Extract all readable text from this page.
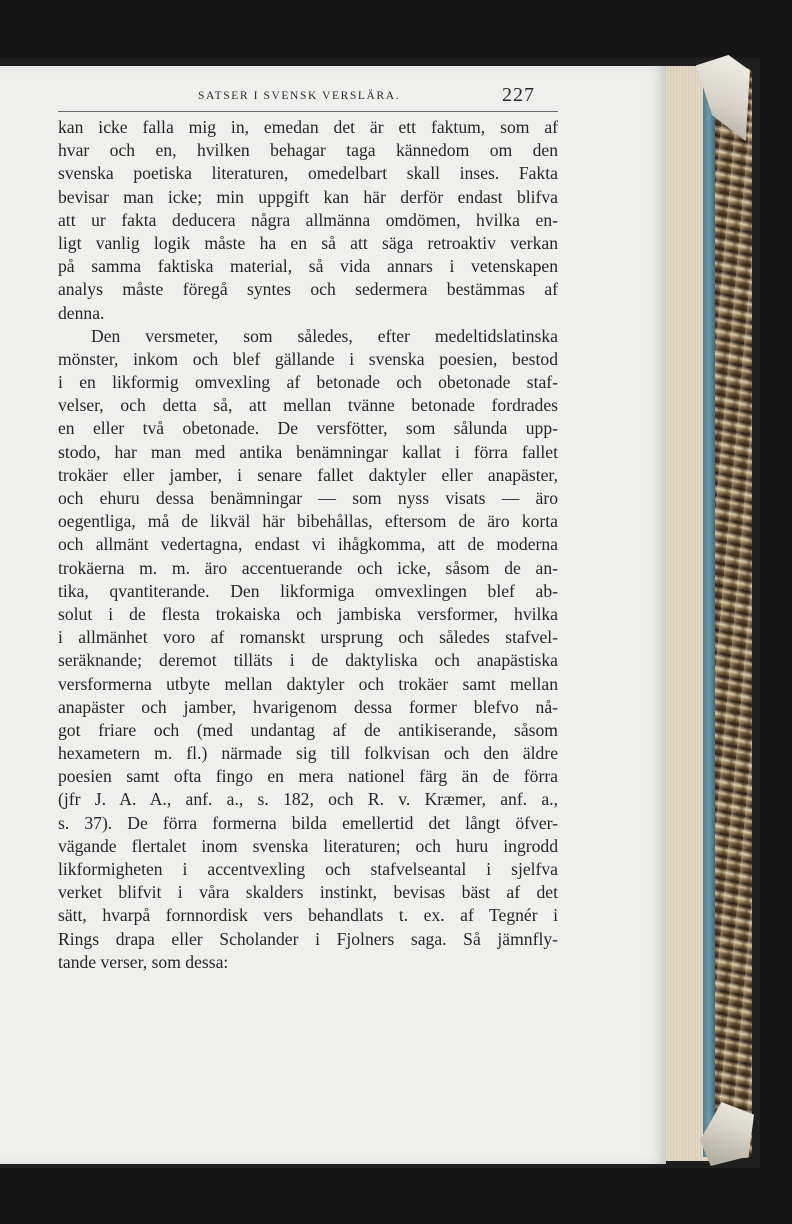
SATSER I SVENSK VERSLÄRA.	227
kan icke falla mig in, emedan det är ett faktum, som af
hvar och en, hvilken behagar taga kännedom om den
svenska poetiska literaturen, omedelbart skall inses. Fakta
bevisar man icke; min uppgift kan här derför endast blifva
att ur fakta deducera några allmänna omdömen, hvilka en-
ligt vanlig logik måste ha en så att säga retroaktiv verkan
på samma faktiska material, så vida annars i vetenskapen
analys måste föregå syntes och sedermera bestämmas af
denna.
Den versmeter, som således, efter medeltidslatinska
mönster, inkom och blef gällande i svenska poesien, bestod
i en likformig omvexling af betonade och obetonade staf-
velser, och detta så, att mellan tvänne betonade fordrades
en eller två obetonade. De versfötter, som sålunda upp-
stodo, har man med antika benämningar kallat i förra fallet
trokäer eller jamber, i senare fallet daktyler eller anapäster,
och ehuru dessa benämningar — som nyss visats — äro
oegentliga, må de likväl här bibehållas, eftersom de äro korta
och allmänt vedertagna, endast vi ihågkomma, att de moderna
trokäerna m. m. äro accentuerande och icke, såsom de an-
tika, qvantiterande. Den likformiga omvexlingen blef ab-
solut i de flesta trokaiska och jambiska versformer, hvilka
i allmänhet voro af romanskt ursprung och således stafvel-
seräknande; deremot tilläts i de daktyliska och anapästiska
versformerna utbyte mellan daktyler och trokäer samt mellan
anapäster och jamber, hvarigenom dessa former blefvo nå-
got friare och (med undantag af de antikiserande, såsom
hexametern m. fl.) närmade sig till folkvisan och den äldre
poesien samt ofta fingo en mera nationel färg än de förra
(jfr J. A. A., anf. a., s. 182, och R. v. Kræmer, anf. a.,
s. 37). De förra formerna bilda emellertid det långt öfver-
vägande flertalet inom svenska literaturen; och huru ingrodd
likformigheten i accentvexling och stafvelseantal i sjelfva
verket blifvit i våra skalders instinkt, bevisas bäst af det
sätt, hvarpå fornnordisk vers behandlats t. ex. af Tegnér i
Rings drapa eller Scholander i Fjolners saga. Så jämnfly-
tande verser, som dessa:
